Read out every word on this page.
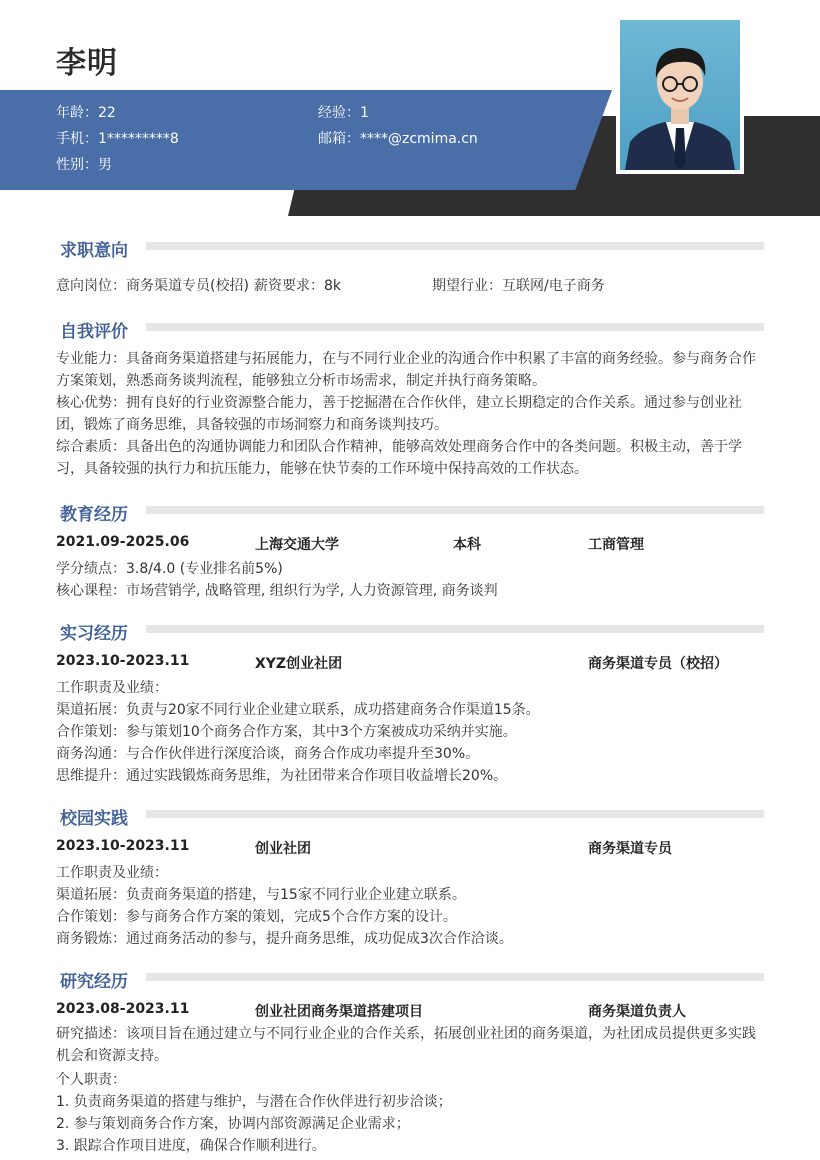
李明
年龄：22	经验：1
手机：1*********8	邮箱：****@zcmima.cn
性别：男
求职意向
意向岗位：商务渠道专员(校招) 薪资要求：8k	期望行业：互联网/电子商务
自我评价
专业能力：具备商务渠道搭建与拓展能力，在与不同行业企业的沟通合作中积累了丰富的商务经验。参与商务合作方案策划，熟悉商务谈判流程，能够独立分析市场需求，制定并执行商务策略。
核心优势：拥有良好的行业资源整合能力，善于挖掘潜在合作伙伴，建立长期稳定的合作关系。通过参与创业社团，锻炼了商务思维，具备较强的市场洞察力和商务谈判技巧。
综合素质：具备出色的沟通协调能力和团队合作精神，能够高效处理商务合作中的各类问题。积极主动，善于学习，具备较强的执行力和抗压能力，能够在快节奏的工作环境中保持高效的工作状态。
教育经历
2021.09-2025.06	上海交通大学	本科	工商管理
学分绩点：3.8/4.0 (专业排名前5%)
核心课程：市场营销学, 战略管理, 组织行为学, 人力资源管理, 商务谈判
实习经历
2023.10-2023.11	XYZ创业社团	商务渠道专员（校招）
工作职责及业绩：
渠道拓展：负责与20家不同行业企业建立联系，成功搭建商务合作渠道15条。
合作策划：参与策划10个商务合作方案，其中3个方案被成功采纳并实施。
商务沟通：与合作伙伴进行深度洽谈，商务合作成功率提升至30%。
思维提升：通过实践锻炼商务思维，为社团带来合作项目收益增长20%。
校园实践
2023.10-2023.11	创业社团	商务渠道专员
工作职责及业绩：
渠道拓展：负责商务渠道的搭建，与15家不同行业企业建立联系。
合作策划：参与商务合作方案的策划，完成5个合作方案的设计。
商务锻炼：通过商务活动的参与，提升商务思维，成功促成3次合作洽谈。
研究经历
2023.08-2023.11	创业社团商务渠道搭建项目	商务渠道负责人
研究描述：该项目旨在通过建立与不同行业企业的合作关系，拓展创业社团的商务渠道，为社团成员提供更多实践机会和资源支持。
个人职责：
1. 负责商务渠道的搭建与维护，与潜在合作伙伴进行初步洽谈；
2. 参与策划商务合作方案，协调内部资源满足企业需求；
3. 跟踪合作项目进度，确保合作顺利进行。
